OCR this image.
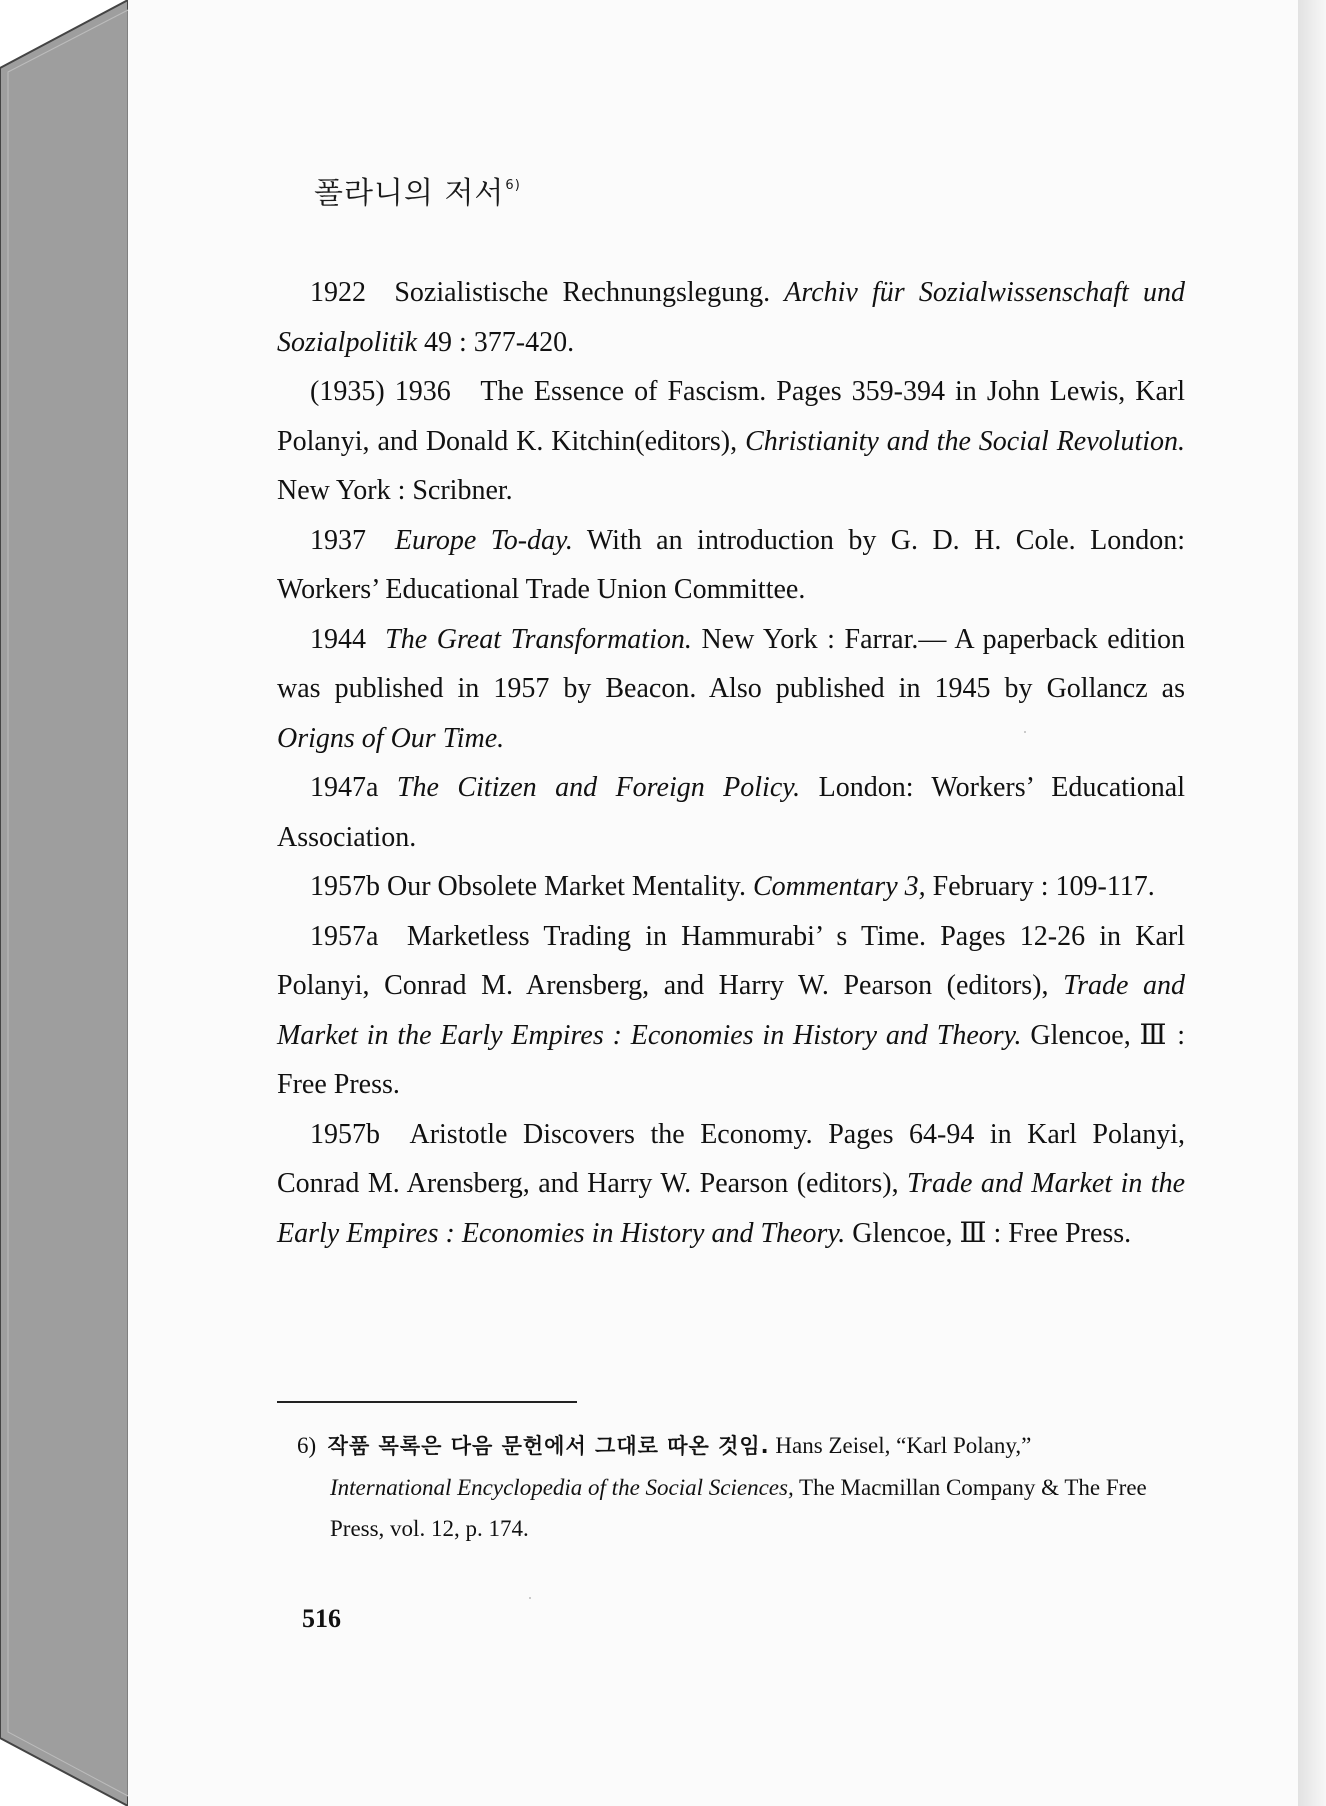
폴라니의 저서$^{6)}$

1922 Sozialistische Rechnungslegung. Archiv für Sozialwissenschaft und Sozialpolitik 49 : 377-420.

(1935) 1936 The Essence of Fascism. Pages 359-394 in John Lewis, Karl Polanyi, and Donald K. Kitchin(editors), Christianity and the Social Revolution. New York : Scribner.

1937 Europe To-day. With an introduction by G. D. H. Cole. London: Workers’ Educational Trade Union Committee.

1944 The Great Transformation. New York : Farrar.— A paperback edition was published in 1957 by Beacon. Also published in 1945 by Gollancz as Origns of Our Time.

1947a The Citizen and Foreign Policy. London: Workers’ Educational Association.

1957b Our Obsolete Market Mentality. Commentary 3, February : 109-117.

1957a Marketless Trading in Hammurabi’ s Time. Pages 12-26 in Karl Polanyi, Conrad M. Arensberg, and Harry W. Pearson (editors), Trade and Market in the Early Empires : Economies in History and Theory. Glencoe, Ⅲ : Free Press.

1957b Aristotle Discovers the Economy. Pages 64-94 in Karl Polanyi, Conrad M. Arensberg, and Harry W. Pearson (editors), Trade and Market in the Early Empires : Economies in History and Theory. Glencoe, Ⅲ : Free Press.

6) 작품 목록은 다음 문헌에서 그대로 따온 것임. Hans Zeisel, “Karl Polany,”

International Encyclopedia of the Social Sciences, The Macmillan Company & The Free Press, vol. 12, p. 174.

516
